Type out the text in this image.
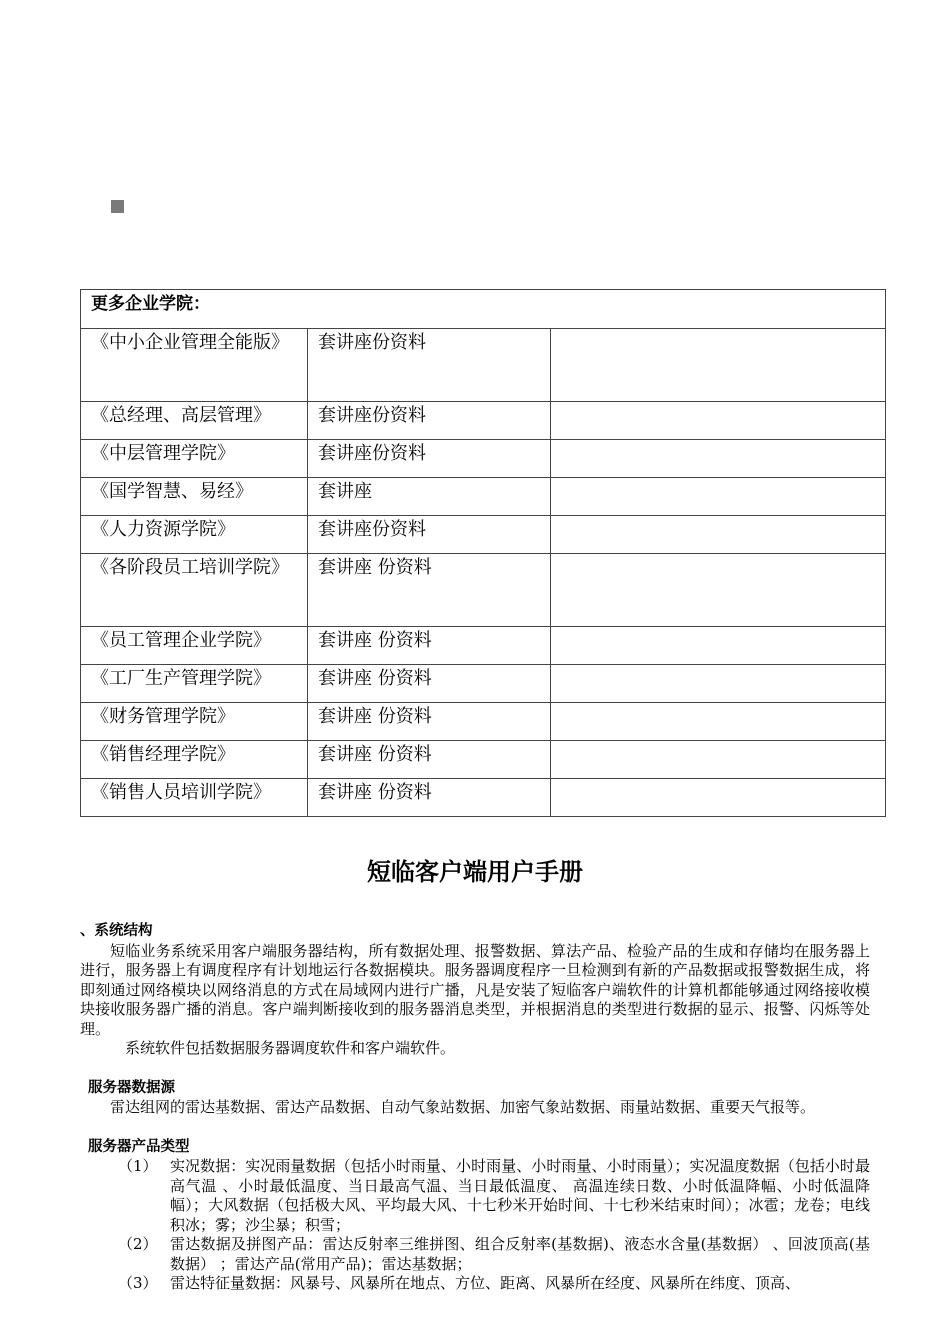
更多企业学院：		
《中小企业管理全能版》	套讲座份资料	
《总经理、高层管理》	套讲座份资料	
《中层管理学院》	套讲座份资料	
《国学智慧、易经》	套讲座	
《人力资源学院》	套讲座份资料	
《各阶段员工培训学院》	套讲座 份资料	
《员工管理企业学院》	套讲座 份资料	
《工厂生产管理学院》	套讲座 份资料	
《财务管理学院》	套讲座 份资料	
《销售经理学院》	套讲座 份资料	
《销售人员培训学院》	套讲座 份资料	
短临客户端用户手册
、系统结构

短临业务系统采用客户端服务器结构，所有数据处理、报警数据、算法产品、检验产品的生成和存储均在服务器上进行，服务器上有调度程序有计划地运行各数据模块。服务器调度程序一旦检测到有新的产品数据或报警数据生成，将即刻通过网络模块以网络消息的方式在局域网内进行广播，凡是安装了短临客户端软件的计算机都能够通过网络接收模块接收服务器广播的消息。客户端判断接收到的服务器消息类型，并根据消息的类型进行数据的显示、报警、闪烁等处理。

系统软件包括数据服务器调度软件和客户端软件。

服务器数据源

雷达组网的雷达基数据、雷达产品数据、自动气象站数据、加密气象站数据、雨量站数据、重要天气报等。

服务器产品类型
（1） 实况数据：实况雨量数据（包括小时雨量、小时雨量、小时雨量、小时雨量）；实况温度数据（包括小时最高气温 、小时最低温度、当日最高气温、当日最低温度、 高温连续日数、小时低温降幅、小时低温降幅）；大风数据（包括极大风、平均最大风、十七秒米开始时间、十七秒米结束时间）；冰雹；龙卷；电线积冰；雾；沙尘暴；积雪；
（2） 雷达数据及拼图产品：雷达反射率三维拼图、组合反射率(基数据)、液态水含量(基数据） 、回波顶高(基数据） ；雷达产品(常用产品)；雷达基数据；
（3） 雷达特征量数据：风暴号、风暴所在地点、方位、距离、风暴所在经度、风暴所在纬度、顶高、
